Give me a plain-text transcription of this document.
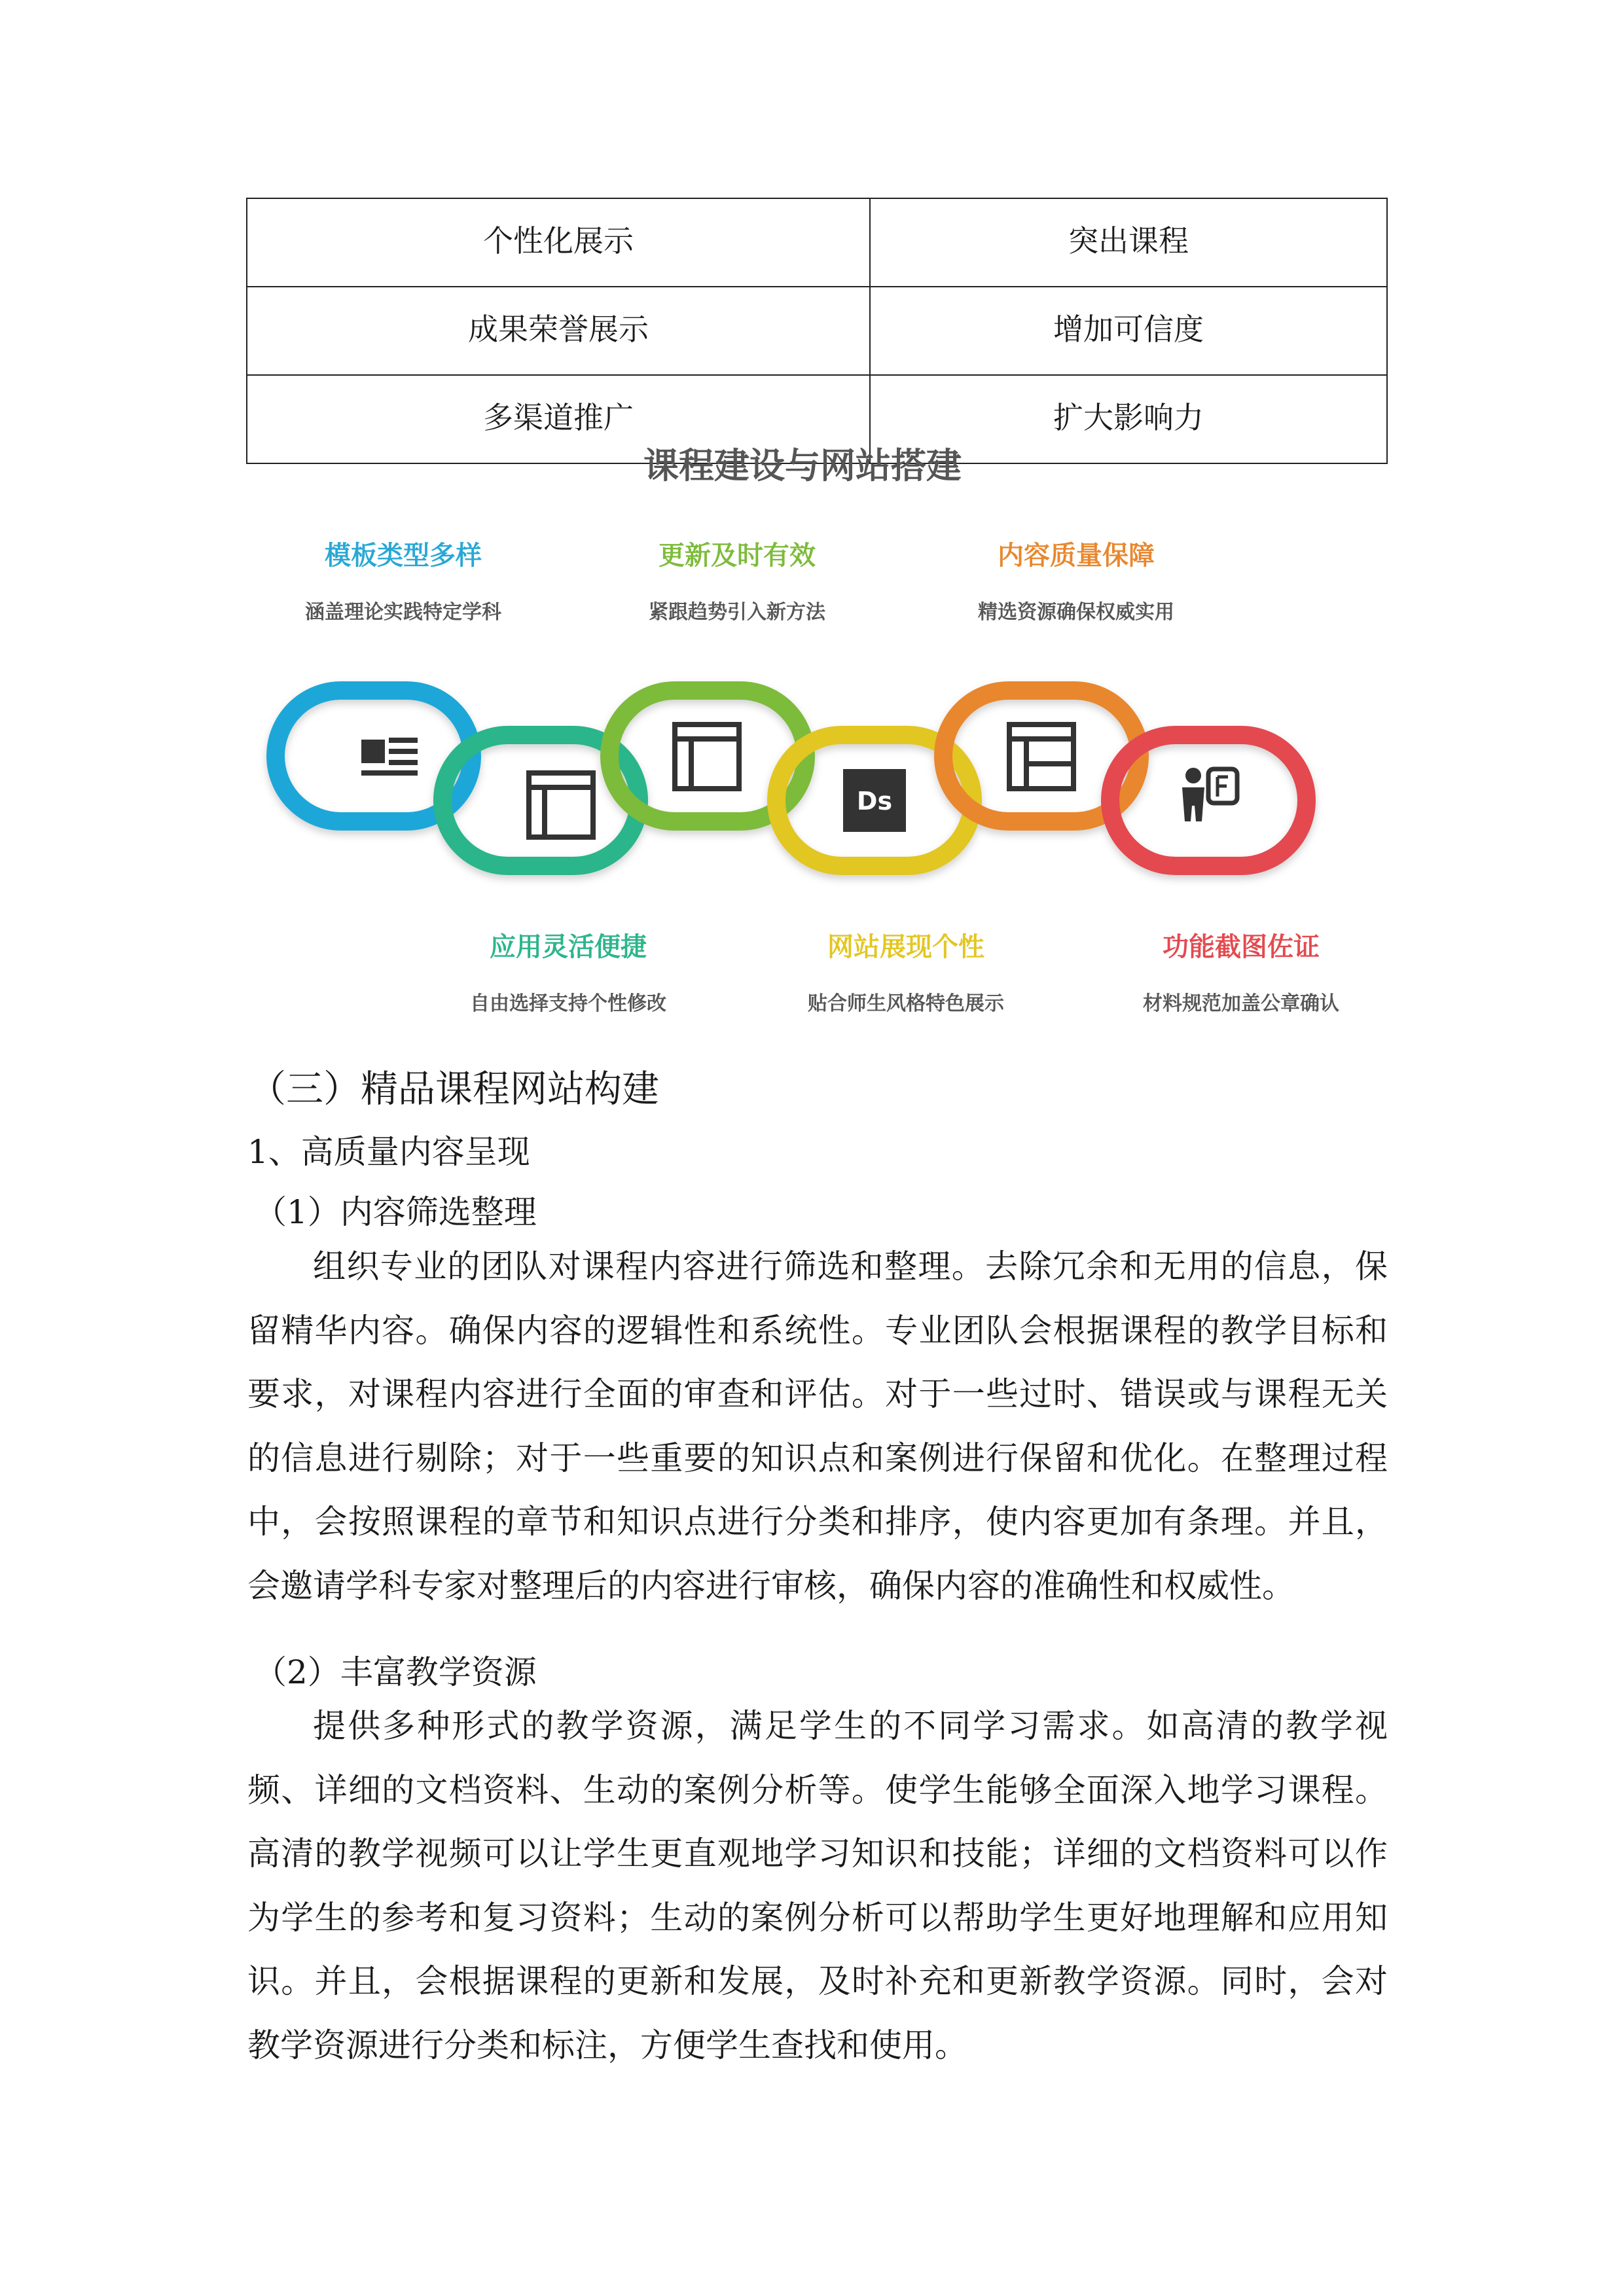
个性化展示	突出课程
成果荣誉展示	增加可信度
多渠道推广	扩大影响力
课程建设与网站搭建
模板类型多样
涵盖理论实践特定学科
更新及时有效
紧跟趋势引入新方法
内容质量保障
精选资源确保权威实用
Ds
应用灵活便捷
自由选择支持个性修改
网站展现个性
贴合师生风格特色展示
功能截图佐证
材料规范加盖公章确认
（三）精品课程网站构建
1、高质量内容呈现
（1）内容筛选整理

组织专业的团队对课程内容进行筛选和整理。去除冗余和无用的信息，保留精华内容。确保内容的逻辑性和系统性。专业团队会根据课程的教学目标和要求，对课程内容进行全面的审查和评估。对于一些过时、错误或与课程无关的信息进行剔除；对于一些重要的知识点和案例进行保留和优化。在整理过程中，会按照课程的章节和知识点进行分类和排序，使内容更加有条理。并且，会邀请学科专家对整理后的内容进行审核，确保内容的准确性和权威性。

（2）丰富教学资源

提供多种形式的教学资源，满足学生的不同学习需求。如高清的教学视频、详细的文档资料、生动的案例分析等。使学生能够全面深入地学习课程。高清的教学视频可以让学生更直观地学习知识和技能；详细的文档资料可以作为学生的参考和复习资料；生动的案例分析可以帮助学生更好地理解和应用知识。并且，会根据课程的更新和发展，及时补充和更新教学资源。同时，会对教学资源进行分类和标注，方便学生查找和使用。
